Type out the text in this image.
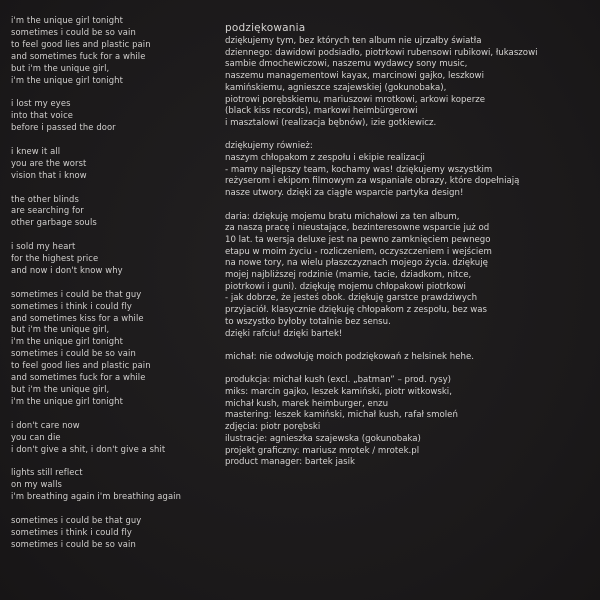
i'm the unique girl tonight
sometimes i could be so vain
to feel good lies and plastic pain
and sometimes fuck for a while
but i'm the unique girl,
i'm the unique girl tonight
i lost my eyes
into that voice
before i passed the door
i knew it all
you are the worst
vision that i know
the other blinds
are searching for
other garbage souls
i sold my heart
for the highest price
and now i don't know why
sometimes i could be that guy
sometimes i think i could fly
and sometimes kiss for a while
but i'm the unique girl,
i'm the unique girl tonight
sometimes i could be so vain
to feel good lies and plastic pain
and sometimes fuck for a while
but i'm the unique girl,
i'm the unique girl tonight
i don't care now
you can die
i don't give a shit, i don't give a shit
lights still reflect
on my walls
i'm breathing again i'm breathing again
sometimes i could be that guy
sometimes i think i could fly
sometimes i could be so vain
podziękowania
dziękujemy tym, bez których ten album nie ujrzałby światła
dziennego: dawidowi podsiadło, piotrkowi rubensowi rubikowi, łukaszowi
sambie dmochewiczowi, naszemu wydawcy sony music,
naszemu managementowi kayax, marcinowi gajko, leszkowi
kamińskiemu, agnieszce szajewskiej (gokunobaka),
piotrowi porębskiemu, mariuszowi mrotkowi, arkowi koperze
(black kiss records), markowi heimbürgerowi
i masztalowi (realizacja bębnów), izie gotkiewicz.
dziękujemy również:
naszym chłopakom z zespołu i ekipie realizacji
- mamy najlepszy team, kochamy was! dziękujemy wszystkim
reżyserom i ekipom filmowym za wspaniałe obrazy, które dopełniają
nasze utwory. dzięki za ciągłe wsparcie partyka design!
daria: dziękuję mojemu bratu michałowi za ten album,
za naszą pracę i nieustające, bezinteresowne wsparcie już od
10 lat. ta wersja deluxe jest na pewno zamknięciem pewnego
etapu w moim życiu - rozliczeniem, oczyszczeniem i wejściem
na nowe tory, na wielu płaszczyznach mojego życia. dziękuję
mojej najbliższej rodzinie (mamie, tacie, dziadkom, nitce,
piotrkowi i guni). dziękuję mojemu chłopakowi piotrkowi
- jak dobrze, że jesteś obok. dziękuję garstce prawdziwych
przyjaciół. klasycznie dziękuję chłopakom z zespołu, bez was
to wszystko byłoby totalnie bez sensu.
dzięki rafciu! dzięki bartek!
michał: nie odwołuję moich podziękowań z helsinek hehe.
produkcja: michał kush (excl. „batman” – prod. rysy)
miks: marcin gajko, leszek kamiński, piotr witkowski,
michał kush, marek heimburger, enzu
mastering: leszek kamiński, michał kush, rafał smoleń
zdjęcia: piotr porębski
ilustracje: agnieszka szajewska (gokunobaka)
projekt graficzny: mariusz mrotek / mrotek.pl
product manager: bartek jasik
